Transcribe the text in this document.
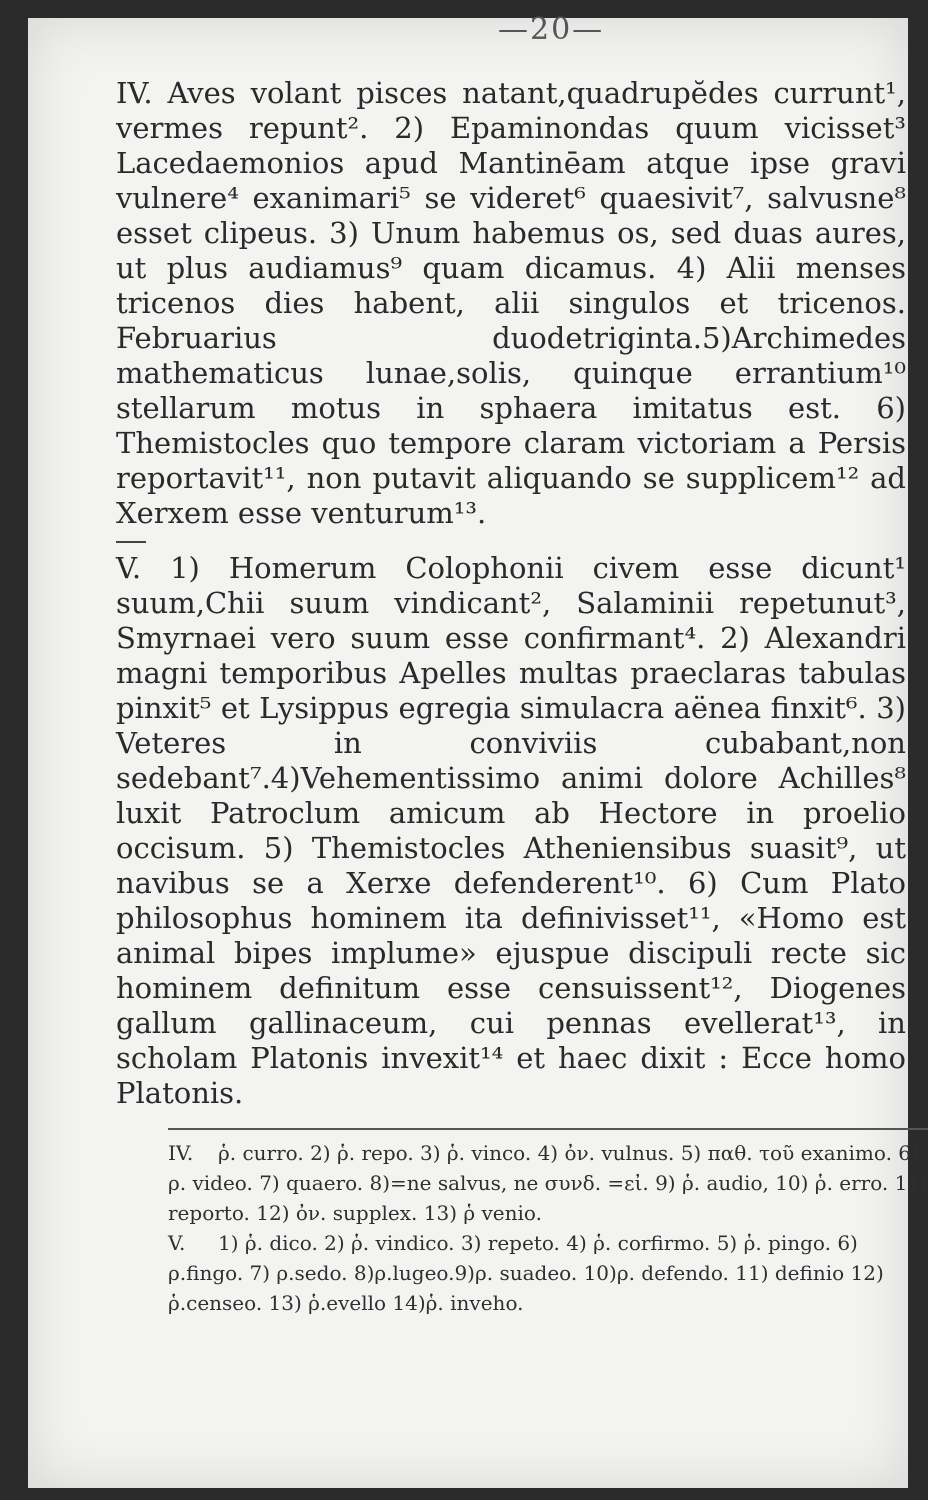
—20—

IV. Aves volant pisces natant,quadrupĕdes currunt¹, vermes repunt². 2) Epaminondas quum vicisset³ Lacedaemonios apud Mantinēam atque ipse gravi vulnere⁴ exanimari⁵ se videret⁶ quaesivit⁷, salvusne⁸ esset clipeus. 3) Unum habemus os, sed duas aures, ut plus audiamus⁹ quam dicamus. 4) Alii menses tricenos dies habent, alii singulos et tricenos. Februarius duodetriginta.5)Archimedes mathematicus lunae,solis, quinque errantium¹⁰ stellarum motus in sphaera imitatus est. 6) Themistocles quo tempore claram victoriam a Persis reportavit¹¹, non putavit aliquando se supplicem¹² ad Xerxem esse venturum¹³.

V. 1) Homerum Colophonii civem esse dicunt¹ suum,Chii suum vindicant², Salaminii repetunut³, Smyrnaei vero suum esse confirmant⁴. 2) Alexandri magni temporibus Apelles multas praeclaras tabulas pinxit⁵ et Lysippus egregia simulacra aënea finxit⁶. 3) Veteres in conviviis cubabant,non sedebant⁷.4)Vehementissimo animi dolore Achilles⁸ luxit Patroclum amicum ab Hectore in proelio occisum. 5) Themistocles Atheniensibus suasit⁹, ut navibus se a Xerxe defenderent¹⁰. 6) Cum Plato philosophus hominem ita definivisset¹¹, «Homo est animal bipes implume» ejuspue discipuli recte sic hominem definitum esse censuissent¹², Diogenes gallum gallinaceum, cui pennas evellerat¹³, in scholam Platonis invexit¹⁴ et haec dixit : Ecce homo Platonis.

IV. ῥ. curro. 2) ῥ. repo. 3) ῥ. vinco. 4) ὀν. vulnus. 5) παθ. τοῦ exanimo. 6) ρ. video. 7) quaero. 8)=ne salvus, ne συνδ. =εἰ. 9) ῥ. audio, 10) ῥ. erro. 11) reporto. 12) ὀν. supplex. 13) ῥ venio.

V. 1) ῥ. dico. 2) ῥ. vindico. 3) repeto. 4) ῥ. corfirmo. 5) ῥ. pingo. 6) ρ.fingo. 7) ρ.sedo. 8)ρ.lugeo.9)ρ. suadeo. 10)ρ. defendo. 11) definio 12) ῥ.censeo. 13) ῥ.evello 14)ῥ. inveho.
